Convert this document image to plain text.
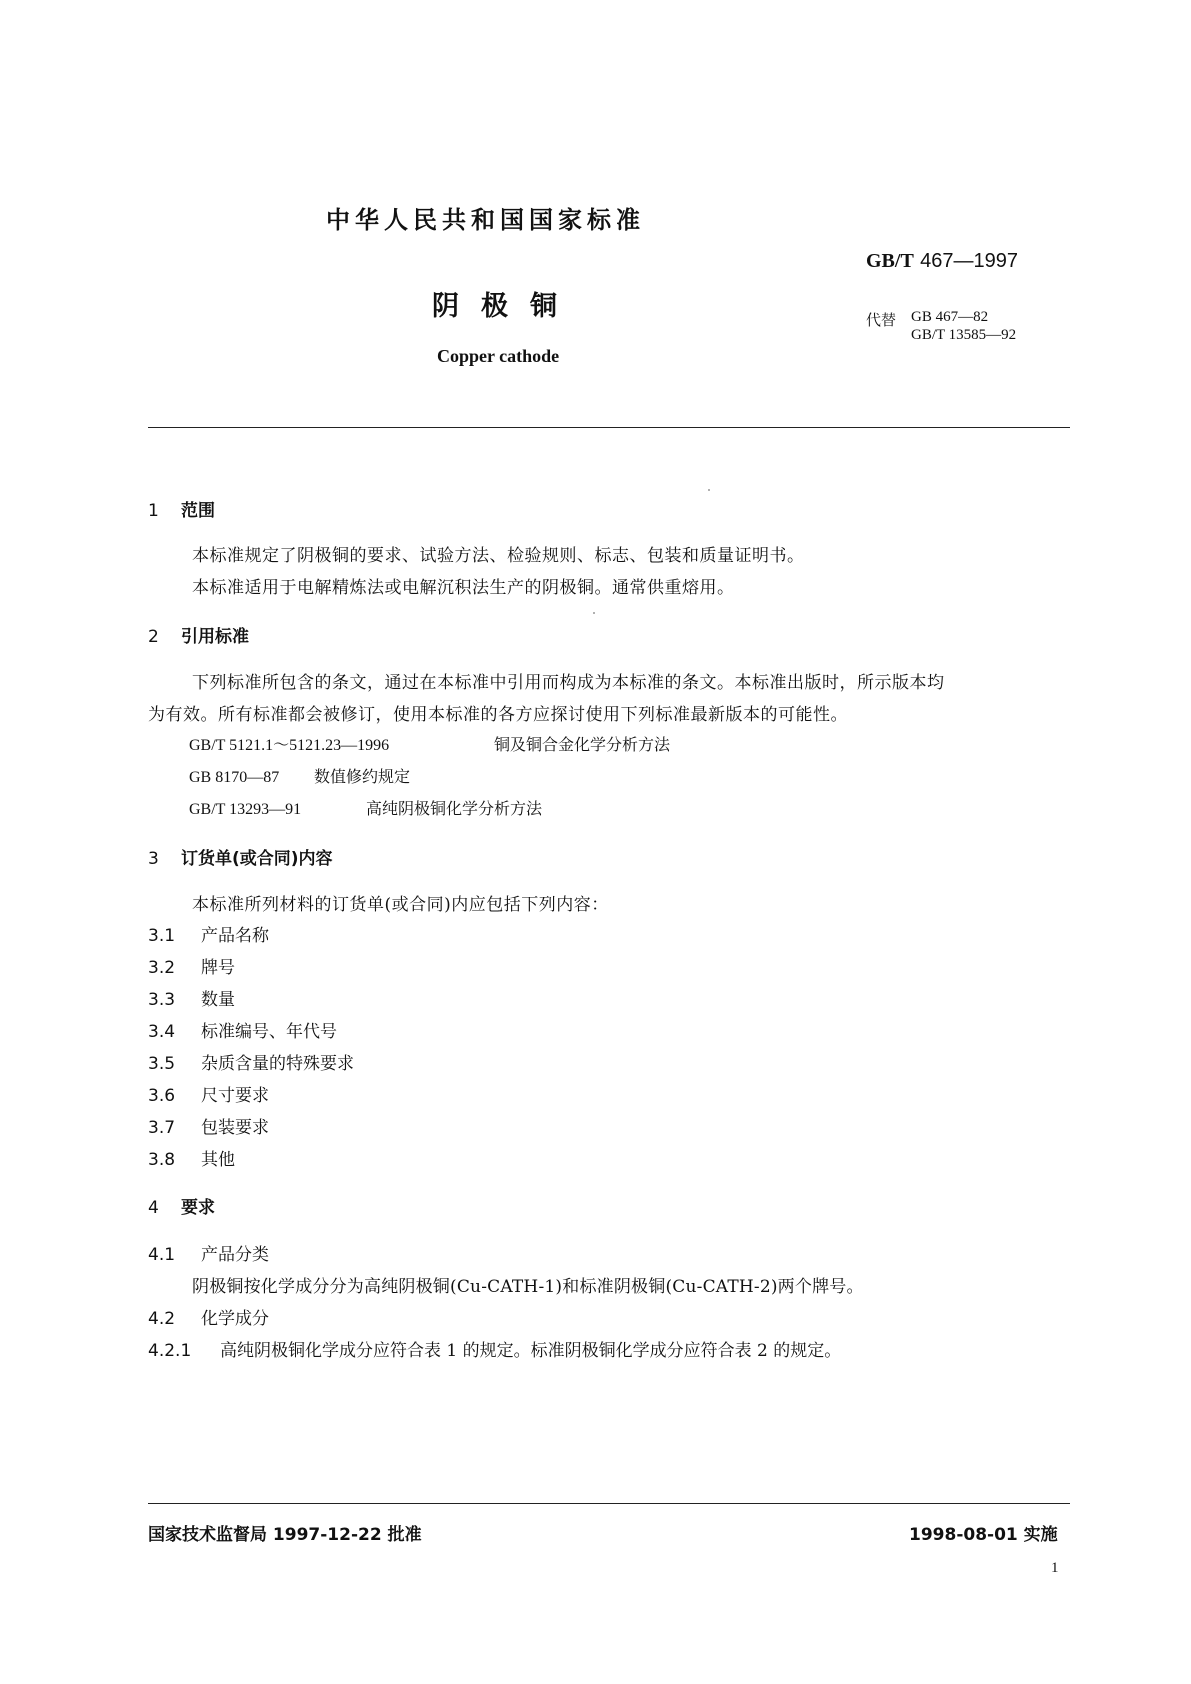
中华人民共和国国家标准
GB/T 467—1997
阴极铜	代替 GB 467—82
GB/T 13585—92
Copper cathode
1 范围
本标准规定了阴极铜的要求、试验方法、检验规则、标志、包装和质量证明书。
本标准适用于电解精炼法或电解沉积法生产的阴极铜。通常供重熔用。
2 引用标准
下列标准所包含的条文，通过在本标准中引用而构成为本标准的条文。本标准出版时，所示版本均
为有效。所有标准都会被修订，使用本标准的各方应探讨使用下列标准最新版本的可能性。
GB/T 5121.1～5121.23—1996	铜及铜合金化学分析方法
GB 8170—87 数值修约规定
GB/T 13293—91	高纯阴极铜化学分析方法
3 订货单(或合同)内容
本标准所列材料的订货单(或合同)内应包括下列内容：
3.1 产品名称
3.2 牌号
3.3 数量
3.4 标准编号、年代号
3.5 杂质含量的特殊要求
3.6 尺寸要求
3.7 包装要求
3.8 其他
4 要求
4.1 产品分类
阴极铜按化学成分分为高纯阴极铜(Cu-CATH-1)和标准阴极铜(Cu-CATH-2)两个牌号。
4.2 化学成分
4.2.1 高纯阴极铜化学成分应符合表 1 的规定。标准阴极铜化学成分应符合表 2 的规定。
国家技术监督局 1997-12-22 批准	1998-08-01 实施
1
